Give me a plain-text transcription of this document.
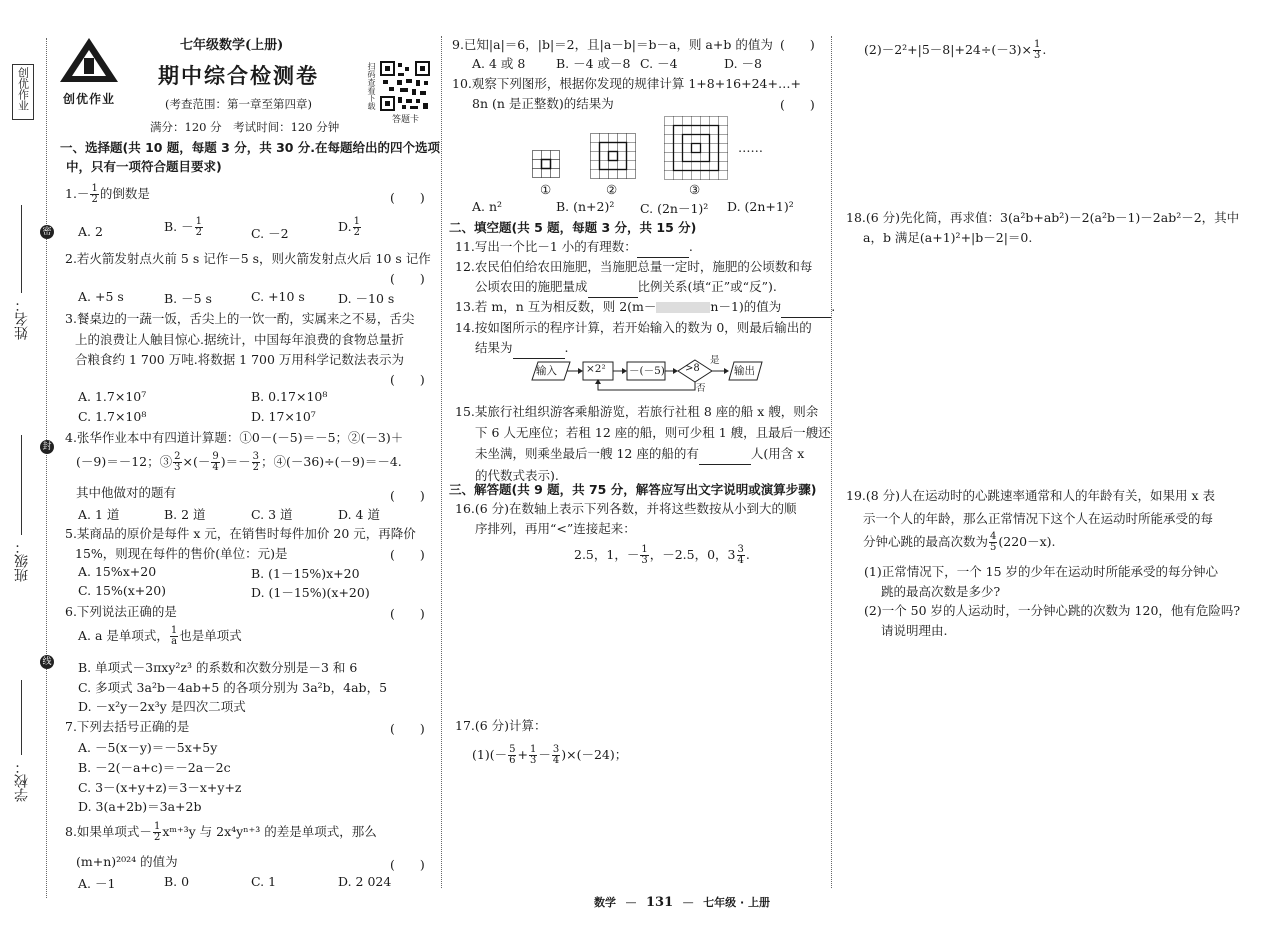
创优作业
姓名：
班级：
学校：
密
封
线
创优作业
七年级数学(上册)
期中综合检测卷
(考查范围：第一章至第四章)
满分：120 分　考试时间：120 分钟
扫码查看下载
答题卡
一、选择题(共 10 题，每题 3 分，共 30 分.在每题给出的四个选项
中，只有一项符合题目要求)
$1.- \frac{1}{2}$ 的倒数是	(　　)
A. 2	B. － $\frac{1}{2}$	C. －2	D. $\frac{1}{2}$
2.若火箭发射点火前 5 s 记作－5 s，则火箭发射点火后 10 s 记作
(　　)
A. +5 s	B. －5 s	C. +10 s	D. －10 s
3.餐桌边的一蔬一饭，舌尖上的一饮一酌，实属来之不易，舌尖
上的浪费让人触目惊心.据统计，中国每年浪费的食物总量折
合粮食约 1 700 万吨.将数据 1 700 万用科学记数法表示为
(　　)
A. 1.7×10⁷	B. 0.17×10⁸
C. 1.7×10⁸	D. 17×10⁷
4.张华作业本中有四道计算题：①0－(－5)＝－5；②(－3)＋
(－9)＝－12；③ $\frac{2}{3}$ ×(－ $\frac{9}{4}$ )＝－ $\frac{3}{2}$ ；④(－36)÷(－9)＝－4.
其中他做对的题有	(　　)
A. 1 道	B. 2 道	C. 3 道	D. 4 道
5.某商品的原价是每件 x 元，在销售时每件加价 20 元，再降价
15%，则现在每件的售价(单位：元)是	(　　)
A. 15%x+20	B. (1－15%)x+20
C. 15%(x+20)	D. (1－15%)(x+20)
6.下列说法正确的是	(　　)
A. a 是单项式， $\frac{1}{a}$ 也是单项式
B. 单项式－3πxy²z³ 的系数和次数分别是－3 和 6
C. 多项式 3a²b－4ab+5 的各项分别为 3a²b，4ab，5
D. －x²y－2x³y 是四次二项式
7.下列去括号正确的是	(　　)
A. －5(x－y)＝－5x+5y
B. －2(－a+c)＝－2a－2c
C. 3－(x+y+z)＝3－x+y+z
D. 3(a+2b)＝3a+2b
8.如果单项式－ $\frac{1}{2}$ xᵐ⁺³y 与 2x⁴yⁿ⁺³ 的差是单项式，那么
(m+n)²⁰²⁴ 的值为	(　　)
A. －1	B. 0	C. 1	D. 2 024
9.已知|a|＝6，|b|＝2，且|a－b|＝b－a，则 a+b 的值为 (　　)
A. 4 或 8 B. －4 或－8 C. －4	D. －8
10.观察下列图形，根据你发现的规律计算 1+8+16+24+…+
8n (n 是正整数)的结果为	(　　)
……
①	②	③
A. n²	B. (n+2)² C. (2n－1)² D. (2n+1)²
二、填空题(共 5 题，每题 3 分，共 15 分)
11.写出一个比－1 小的有理数：	.
12.农民伯伯给农田施肥，当施肥总量一定时，施肥的公顷数和每
公顷农田的施肥量成	比例关系(填“正”或“反”).
13.若 m，n 互为相反数，则 2(m－	n－1)的值为	.
14.按如图所示的程序计算，若开始输入的数为 0，则最后输出的
结果为	.
输入	×2² －(－5) >8	输出
是
否
15.某旅行社组织游客乘船游览，若旅行社租 8 座的船 x 艘，则余
下 6 人无座位；若租 12 座的船，则可少租 1 艘，且最后一艘还
未坐满，则乘坐最后一艘 12 座的船的有	人(用含 x
的代数式表示).
三、解答题(共 9 题，共 75 分，解答应写出文字说明或演算步骤)
16.(6 分)在数轴上表示下列各数，并将这些数按从小到大的顺
序排列，再用“<”连接起来：
2.5，1，－ $\frac{1}{3}$ ，－2.5，0，$3 \frac{3}{4}$ .
17.(6 分)计算：
$(1)(- \frac{5}{6} + \frac{1}{3} - \frac{3}{4} )\times(-24)$；
$(2)-2^2+|5-8|+24\div(-3)\times \frac{1}{3}$ .
18.(6 分)先化简，再求值：3(a²b+ab²)－2(a²b－1)－2ab²－2，其中
a，b 满足(a+1)²+|b－2|＝0.
19.(8 分)人在运动时的心跳速率通常和人的年龄有关，如果用 x 表
示一个人的年龄，那么正常情况下这个人在运动时所能承受的每
分钟心跳的最高次数为 $\frac{4}{5} (220-x)$.
(1)正常情况下，一个 15 岁的少年在运动时所能承受的每分钟心
跳的最高次数是多少?
(2)一个 50 岁的人运动时，一分钟心跳的次数为 120，他有危险吗?
请说明理由.
数学 — 131 — 七年级 · 上册
